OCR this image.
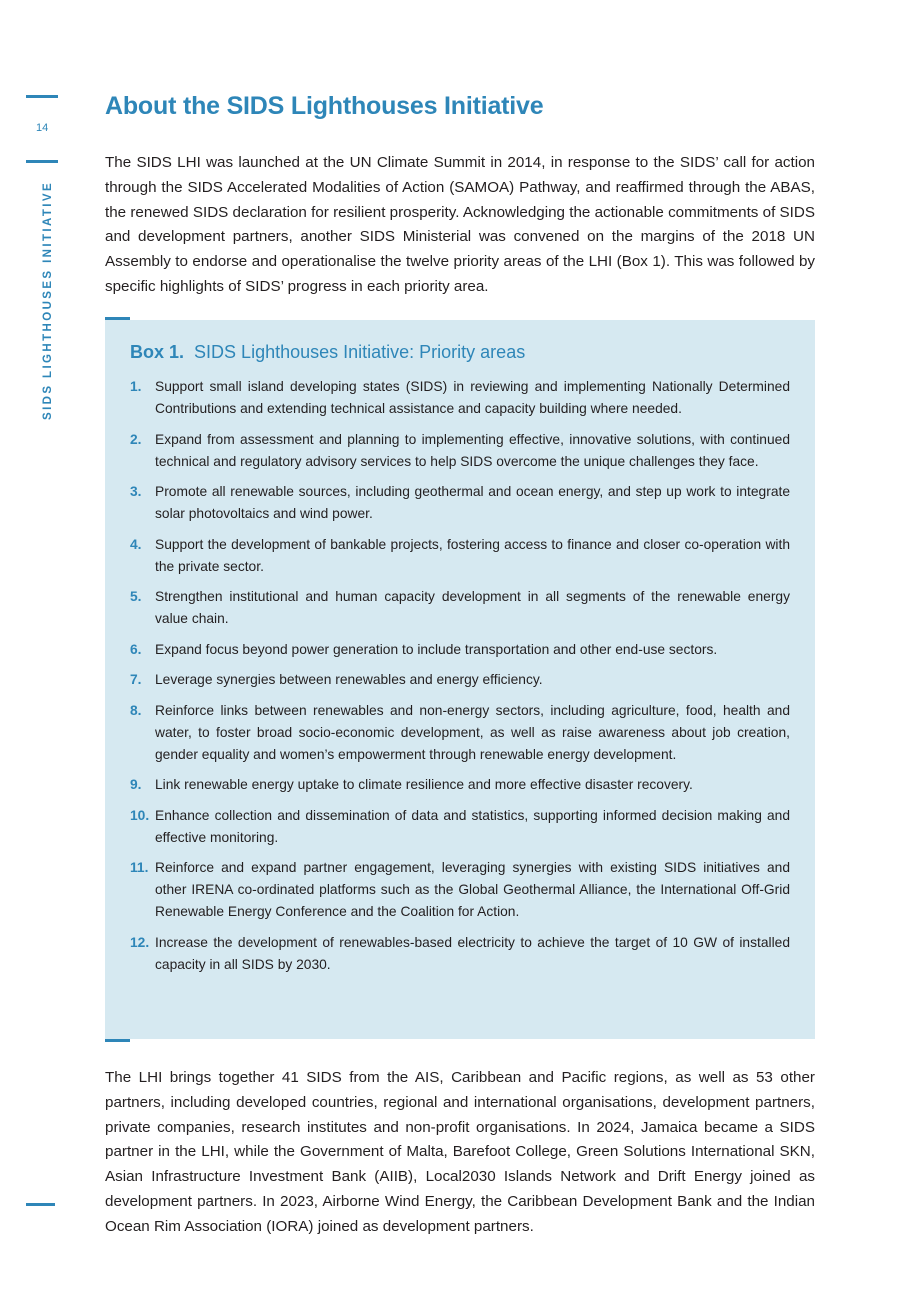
14
SIDS LIGHTHOUSES INITIATIVE
About the SIDS Lighthouses Initiative

The SIDS LHI was launched at the UN Climate Summit in 2014, in response to the SIDS’ call for action through the SIDS Accelerated Modalities of Action (SAMOA) Pathway, and reaffirmed through the ABAS, the renewed SIDS declaration for resilient prosperity. Acknowledging the actionable commitments of SIDS and development partners, another SIDS Ministerial was convened on the margins of the 2018 UN Assembly to endorse and operationalise the twelve priority areas of the LHI (Box 1). This was followed by specific highlights of SIDS’ progress in each priority area.

Box 1. SIDS Lighthouses Initiative: Priority areas
1. Support small island developing states (SIDS) in reviewing and implementing Nationally Determined Contributions and extending technical assistance and capacity building where needed.
2. Expand from assessment and planning to implementing effective, innovative solutions, with continued technical and regulatory advisory services to help SIDS overcome the unique challenges they face.
3. Promote all renewable sources, including geothermal and ocean energy, and step up work to integrate solar photovoltaics and wind power.
4. Support the development of bankable projects, fostering access to finance and closer co-operation with the private sector.
5. Strengthen institutional and human capacity development in all segments of the renewable energy value chain.
6. Expand focus beyond power generation to include transportation and other end-use sectors.
7. Leverage synergies between renewables and energy efficiency.
8. Reinforce links between renewables and non-energy sectors, including agriculture, food, health and water, to foster broad socio-economic development, as well as raise awareness about job creation, gender equality and women’s empowerment through renewable energy development.
9. Link renewable energy uptake to climate resilience and more effective disaster recovery.
10. Enhance collection and dissemination of data and statistics, supporting informed decision making and effective monitoring.
11. Reinforce and expand partner engagement, leveraging synergies with existing SIDS initiatives and other IRENA co-ordinated platforms such as the Global Geothermal Alliance, the International Off-Grid Renewable Energy Conference and the Coalition for Action.
12. Increase the development of renewables-based electricity to achieve the target of 10 GW of installed capacity in all SIDS by 2030.

The LHI brings together 41 SIDS from the AIS, Caribbean and Pacific regions, as well as 53 other partners, including developed countries, regional and international organisations, development partners, private companies, research institutes and non-profit organisations. In 2024, Jamaica became a SIDS partner in the LHI, while the Government of Malta, Barefoot College, Green Solutions International SKN, Asian Infrastructure Investment Bank (AIIB), Local2030 Islands Network and Drift Energy joined as development partners. In 2023, Airborne Wind Energy, the Caribbean Development Bank and the Indian Ocean Rim Association (IORA) joined as development partners.
